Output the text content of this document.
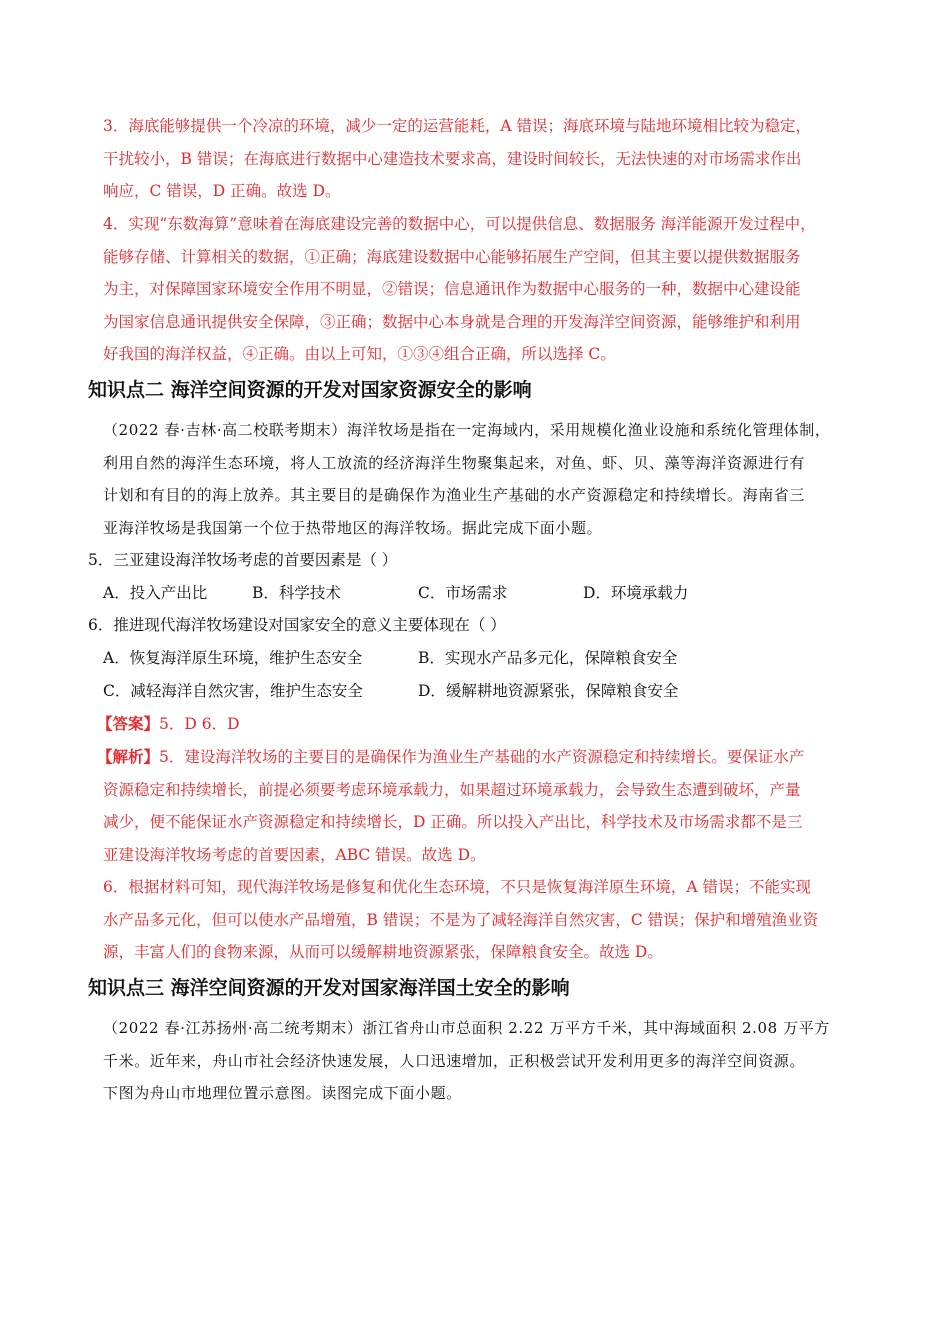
3．海底能够提供一个冷凉的环境，减少一定的运营能耗，A 错误；海底环境与陆地环境相比较为稳定，
干扰较小，B 错误；在海底进行数据中心建造技术要求高，建设时间较长，无法快速的对市场需求作出
响应，C 错误，D 正确。故选 D。
4．实现“东数海算”意味着在海底建设完善的数据中心，可以提供信息、数据服务 海洋能源开发过程中，
能够存储、计算相关的数据，①正确；海底建设数据中心能够拓展生产空间，但其主要以提供数据服务
为主，对保障国家环境安全作用不明显，②错误；信息通讯作为数据中心服务的一种，数据中心建设能
为国家信息通讯提供安全保障，③正确；数据中心本身就是合理的开发海洋空间资源，能够维护和利用
好我国的海洋权益，④正确。由以上可知，①③④组合正确，所以选择 C。
知识点二 海洋空间资源的开发对国家资源安全的影响
（2022 春·吉林·高二校联考期末）海洋牧场是指在一定海域内，采用规模化渔业设施和系统化管理体制，
利用自然的海洋生态环境，将人工放流的经济海洋生物聚集起来，对鱼、虾、贝、藻等海洋资源进行有
计划和有目的的海上放养。其主要目的是确保作为渔业生产基础的水产资源稳定和持续增长。海南省三
亚海洋牧场是我国第一个位于热带地区的海洋牧场。据此完成下面小题。
5．三亚建设海洋牧场考虑的首要因素是（ ）
A．投入产出比	B．科学技术	C．市场需求	D．环境承载力
6．推进现代海洋牧场建设对国家安全的意义主要体现在（ ）
A．恢复海洋原生环境，维护生态安全	B．实现水产品多元化，保障粮食安全
C．减轻海洋自然灾害，维护生态安全	D．缓解耕地资源紧张，保障粮食安全
【答案】5．D 6．D
【解析】5．建设海洋牧场的主要目的是确保作为渔业生产基础的水产资源稳定和持续增长。要保证水产
资源稳定和持续增长，前提必须要考虑环境承载力，如果超过环境承载力，会导致生态遭到破坏，产量
减少，便不能保证水产资源稳定和持续增长，D 正确。所以投入产出比，科学技术及市场需求都不是三
亚建设海洋牧场考虑的首要因素，ABC 错误。故选 D。
6．根据材料可知，现代海洋牧场是修复和优化生态环境，不只是恢复海洋原生环境，A 错误；不能实现
水产品多元化，但可以使水产品增殖，B 错误；不是为了减轻海洋自然灾害，C 错误；保护和增殖渔业资
源，丰富人们的食物来源，从而可以缓解耕地资源紧张，保障粮食安全。故选 D。
知识点三 海洋空间资源的开发对国家海洋国土安全的影响
（2022 春·江苏扬州·高二统考期末）浙江省舟山市总面积 2.22 万平方千米，其中海域面积 2.08 万平方
千米。近年来，舟山市社会经济快速发展，人口迅速增加，正积极尝试开发利用更多的海洋空间资源。
下图为舟山市地理位置示意图。读图完成下面小题。
